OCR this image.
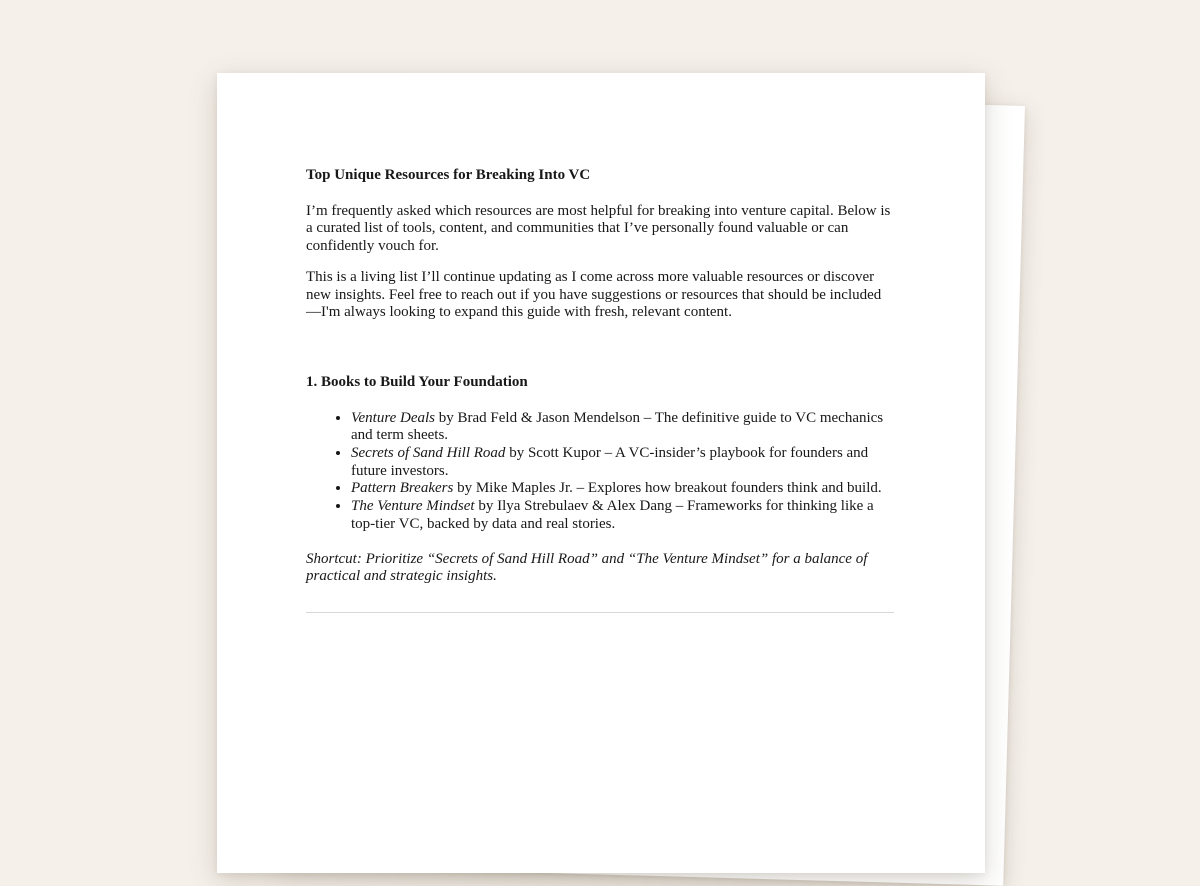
Top Unique Resources for Breaking Into VC

I’m frequently asked which resources are most helpful for breaking into venture capital. Below is a curated list of tools, content, and communities that I’ve personally found valuable or can confidently vouch for.

This is a living list I’ll continue updating as I come across more valuable resources or discover new insights. Feel free to reach out if you have suggestions or resources that should be included—I'm always looking to expand this guide with fresh, relevant content.

1. Books to Build Your Foundation
• Venture Deals by Brad Feld & Jason Mendelson – The definitive guide to VC mechanics and term sheets.
• Secrets of Sand Hill Road by Scott Kupor – A VC-insider’s playbook for founders and future investors.
• Pattern Breakers by Mike Maples Jr. – Explores how breakout founders think and build.
• The Venture Mindset by Ilya Strebulaev & Alex Dang – Frameworks for thinking like a top-tier VC, backed by data and real stories.

Shortcut: Prioritize “Secrets of Sand Hill Road” and “The Venture Mindset” for a balance of practical and strategic insights.
